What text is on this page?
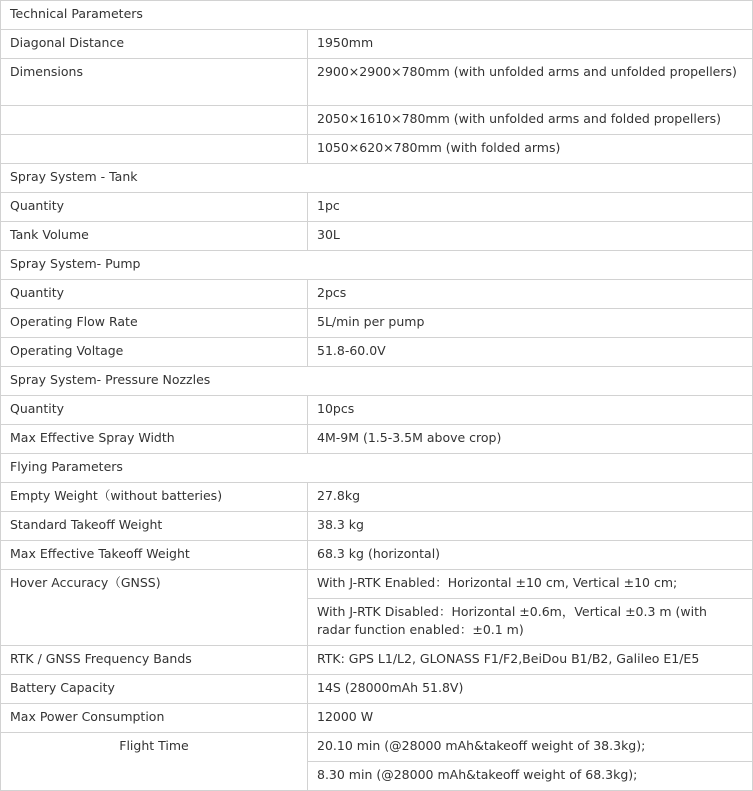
Technical Parameters	
Diagonal Distance	1950mm
Dimensions	2900×2900×780mm (with unfolded arms and unfolded propellers)
	2050×1610×780mm (with unfolded arms and folded propellers)
	1050×620×780mm (with folded arms)
Spray System - Tank	
Quantity	1pc
Tank Volume	30L
Spray System- Pump	
Quantity	2pcs
Operating Flow Rate	5L/min per pump
Operating Voltage	51.8-60.0V
Spray System- Pressure Nozzles	
Quantity	10pcs
Max Effective Spray Width	4M-9M (1.5-3.5M above crop)
Flying Parameters	
Empty Weight（without batteries)	27.8kg
Standard Takeoff Weight	38.3 kg
Max Effective Takeoff Weight	68.3 kg (horizontal)
Hover Accuracy（GNSS)	With J-RTK Enabled：Horizontal ±10 cm, Vertical ±10 cm;
	With J-RTK Disabled：Horizontal ±0.6m，Vertical ±0.3 m (with radar function enabled：±0.1 m)
RTK / GNSS Frequency Bands	RTK: GPS L1/L2, GLONASS F1/F2,BeiDou B1/B2, Galileo E1/E5
Battery Capacity	14S (28000mAh 51.8V)
Max Power Consumption	12000 W
Flight Time	20.10 min (@28000 mAh&takeoff weight of 38.3kg);
	8.30 min (@28000 mAh&takeoff weight of 68.3kg);
